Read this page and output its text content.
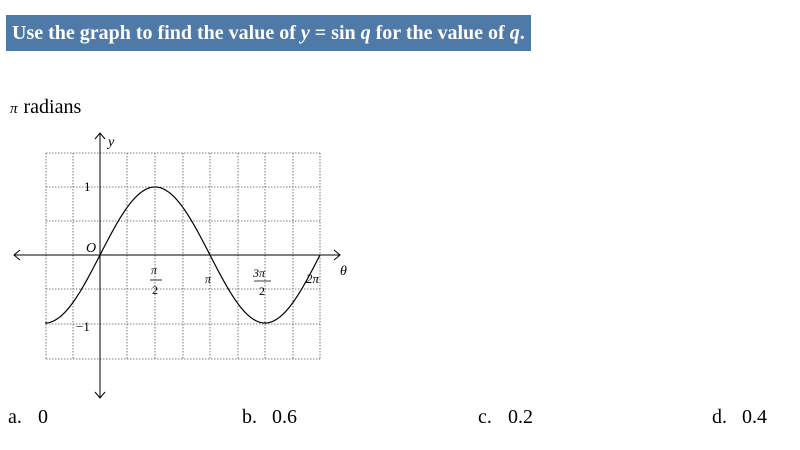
Use the graph to find the value of y = sin q for the value of q.
π radians
y
θ
O
1
−1
π
2
π	3π
2
2π
a. 0	b. 0.6	c. 0.2	d. 0.4
